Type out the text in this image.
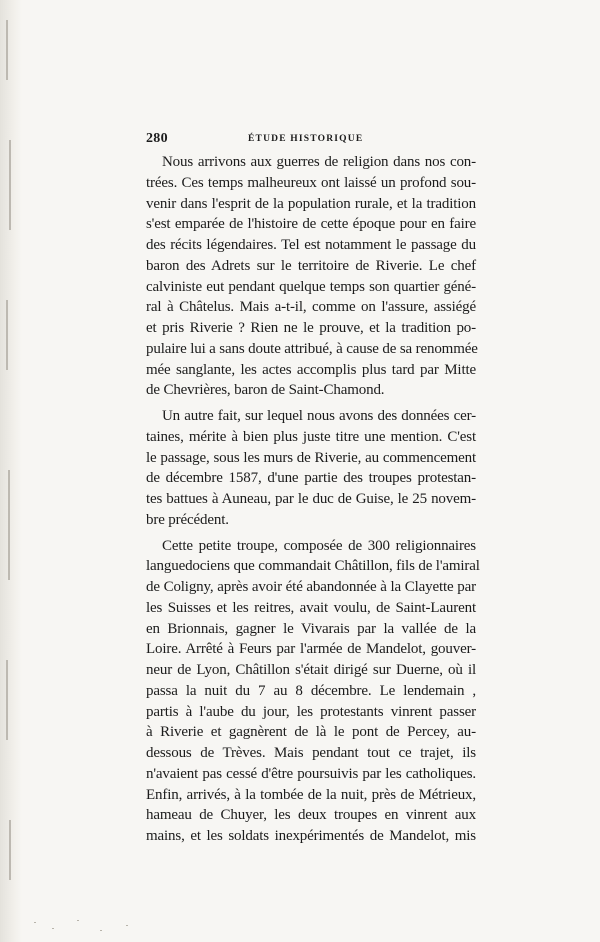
280	ÉTUDE HISTORIQUE
Nous arrivons aux guerres de religion dans nos con-
trées. Ces temps malheureux ont laissé un profond sou-
venir dans l'esprit de la population rurale, et la tradition
s'est emparée de l'histoire de cette époque pour en faire
des récits légendaires. Tel est notamment le passage du
baron des Adrets sur le territoire de Riverie. Le chef
calviniste eut pendant quelque temps son quartier géné-
ral à Châtelus. Mais a-t-il, comme on l'assure, assiégé
et pris Riverie ? Rien ne le prouve, et la tradition po-
pulaire lui a sans doute attribué, à cause de sa renommée
mée sanglante, les actes accomplis plus tard par Mitte
de Chevrières, baron de Saint-Chamond.
Un autre fait, sur lequel nous avons des données cer-
taines, mérite à bien plus juste titre une mention. C'est
le passage, sous les murs de Riverie, au commencement
de décembre 1587, d'une partie des troupes protestan-
tes battues à Auneau, par le duc de Guise, le 25 novem-
bre précédent.
Cette petite troupe, composée de 300 religionnaires
languedociens que commandait Châtillon, fils de l'amiral
de Coligny, après avoir été abandonnée à la Clayette par
les Suisses et les reitres, avait voulu, de Saint-Laurent
en Brionnais, gagner le Vivarais par la vallée de la
Loire. Arrêté à Feurs par l'armée de Mandelot, gouver-
neur de Lyon, Châtillon s'était dirigé sur Duerne, où il
passa la nuit du 7 au 8 décembre. Le lendemain ,
partis à l'aube du jour, les protestants vinrent passer
à Riverie et gagnèrent de là le pont de Percey, au-
dessous de Trèves. Mais pendant tout ce trajet, ils
n'avaient pas cessé d'être poursuivis par les catholiques.
Enfin, arrivés, à la tombée de la nuit, près de Métrieux,
hameau de Chuyer, les deux troupes en vinrent aux
mains, et les soldats inexpérimentés de Mandelot, mis
